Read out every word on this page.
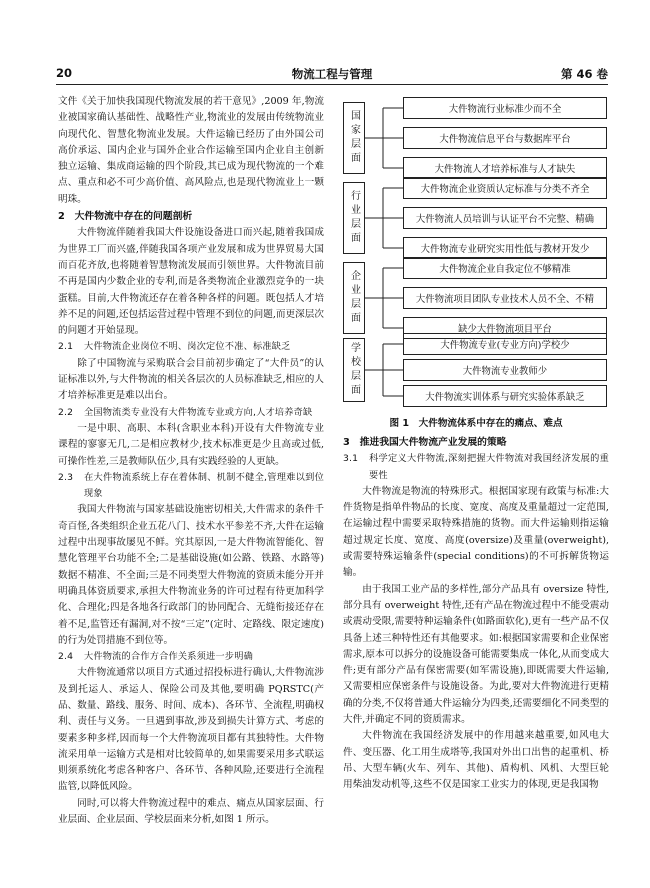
20	物流工程与管理	第 46 卷

文件《关于加快我国现代物流发展的若干意见》,2009 年,物流业被国家确认基础性、战略性产业,物流业的发展由传统物流业向现代化、智慧化物流业发展。大件运输已经历了由外国公司高价承运、国内企业与国外企业合作运输至国内企业自主创新独立运输、集成商运输的四个阶段,其已成为现代物流的一个难点、重点和必不可少高价值、高风险点,也是现代物流业上一颗明珠。

2　大件物流中存在的问题剖析

大件物流伴随着我国大件设施设备进口而兴起,随着我国成为世界工厂而兴盛,伴随我国各项产业发展和成为世界贸易大国而百花齐放,也将随着智慧物流发展而引领世界。大件物流目前不再是国内少数企业的专利,而是各类物流企业激烈竞争的一块蛋糕。目前,大件物流还存在着各种各样的问题。既包括人才培养不足的问题,还包括运营过程中管理不到位的问题,而更深层次的问题才开始显现。

2.1 大件物流企业岗位不明、岗次定位不准、标准缺乏

除了中国物流与采购联合会目前初步确定了“大件员”的认证标准以外,与大件物流的相关各层次的人员标准缺乏,相应的人才培养标准更是难以出台。

2.2 全国物流类专业没有大件物流专业或方向,人才培养奇缺

一是中职、高职、本科(含职业本科)开设有大件物流专业课程的寥寥无几,二是相应教材少,技术标准更是少且高或过低,可操作性差,三是教师队伍少,具有实践经验的人更缺。

2.3 在大件物流系统上存在着体制、机制不健全,管理难以到位现象

我国大件物流与国家基础设施密切相关,大件需求的条件千奇百怪,各类组织企业五花八门、技术水平参差不齐,大件在运输过程中出现事故屡见不鲜。究其原因,一是大件物流智能化、智慧化管理平台功能不全;二是基础设施(如公路、铁路、水路等)数据不精准、不全面;三是不同类型大件物流的资质未能分开并明确具体资质要求,承担大件物流业务的许可过程有待更加科学化、合理化;四是各地各行政部门的协同配合、无缝衔接还存在着不足,监管还有漏洞,对不按“三定”(定时、定路线、限定速度)的行为处罚措施不到位等。

2.4 大件物流的合作方合作关系须进一步明确

大件物流通常以项目方式通过招投标进行确认,大件物流涉及到托运人、承运人、保险公司及其他,要明确 PQRSTC(产品、数量、路线、服务、时间、成本)、各环节、全流程,明确权利、责任与义务。一旦遇到事故,涉及到损失计算方式、考虑的要素多种多样,因而每一个大件物流项目都有其独特性。大件物流采用单一运输方式是相对比较简单的,如果需要采用多式联运则须系统化考虑各种客户、各环节、各种风险,还要进行全流程监管,以降低风险。

同时,可以将大件物流过程中的难点、痛点从国家层面、行业层面、企业层面、学校层面来分析,如图 1 所示。

国家层面
大件物流行业标准少而不全
大件物流信息平台与数据库平台
大件物流人才培养标准与人才缺失
行业层面
大件物流企业资质认定标准与分类不齐全
大件物流人员培训与认证平台不完整、精确
大件物流专业研究实用性低与教材开发少
企业层面
大件物流企业自我定位不够精准
大件物流项目团队专业技术人员不全、不精
缺少大件物流项目平台
学校层面	大件物流专业(专业方向)学校少
大件物流专业教师少
大件物流实训体系与研究实验体系缺乏
图 1　大件物流体系中存在的痛点、难点
3　推进我国大件物流产业发展的策略
3.1 科学定义大件物流,深刻把握大件物流对我国经济发展的重要性

大件物流是物流的特殊形式。根据国家现有政策与标准:大件货物是指单件物品的长度、宽度、高度及重量超过一定范围,在运输过程中需要采取特殊措施的货物。而大件运输则指运输超过规定长度、宽度、高度(oversize)及重量(overweight),或需要特殊运输条件(special conditions)的不可拆解货物运输。

由于我国工业产品的多样性,部分产品具有 oversize 特性,部分具有 overweight 特性,还有产品在物流过程中不能受震动或震动受限,需要特种运输条件(如路面软化),更有一些产品不仅具备上述三种特性还有其他要求。如:根据国家需要和企业保密需求,原本可以拆分的设施设备可能需要集成一体化,从而变成大件;更有部分产品有保密需要(如军需设施),即既需要大件运输,又需要相应保密条件与设施设备。为此,要对大件物流进行更精确的分类,不仅将普通大件运输分为四类,还需要细化不同类型的大件,并确定不同的资质需求。

大件物流在我国经济发展中的作用越来越重要,如风电大件、变压器、化工用生成塔等,我国对外出口出售的起重机、桥吊、大型车辆(火车、列车、其他)、盾构机、风机、大型巨轮用柴油发动机等,这些不仅是国家工业实力的体现,更是我国物
